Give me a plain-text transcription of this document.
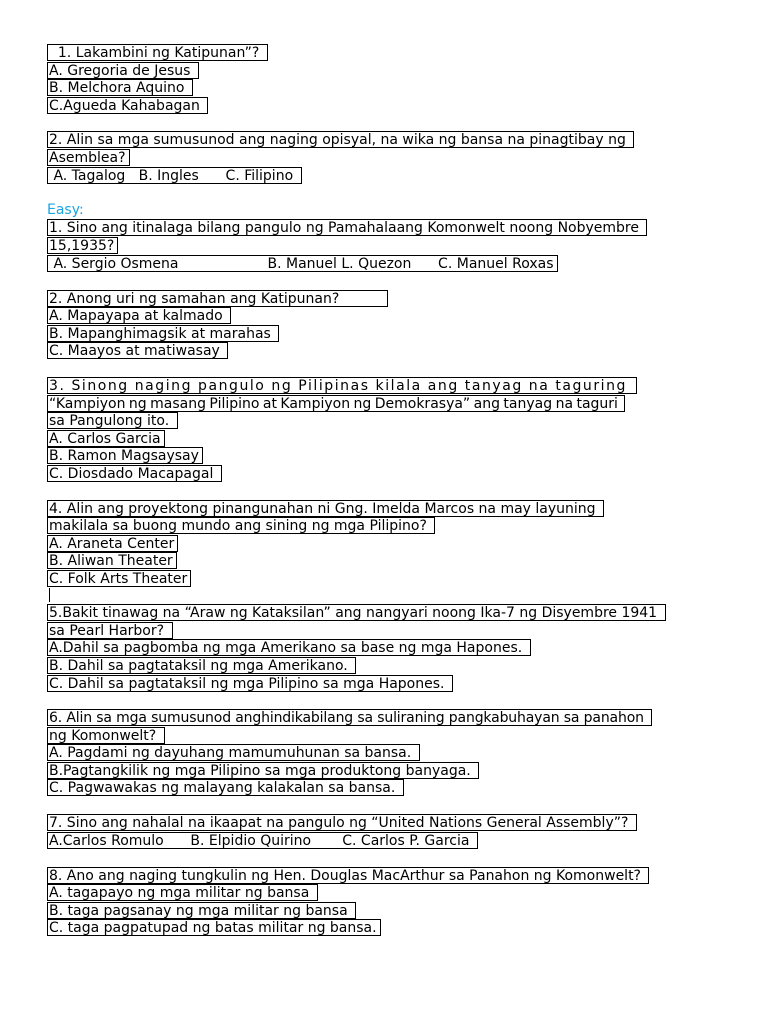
1. Lakambini ng Katipunan”?
A. Gregoria de Jesus
B. Melchora Aquino
C.Agueda Kahabagan
2. Alin sa mga sumusunod ang naging opisyal, na wika ng bansa na pinagtibay ng
Asemblea?
A. Tagalog   B. Ingles      C. Filipino
Easy:
1. Sino ang itinalaga bilang pangulo ng Pamahalaang Komonwelt noong Nobyembre
15,1935?
A. Sergio Osmena                    B. Manuel L. Quezon      C. Manuel Roxas
2. Anong uri ng samahan ang Katipunan?
A. Mapayapa at kalmado
B. Mapanghimagsik at marahas
C. Maayos at matiwasay
3. Sinong naging pangulo ng Pilipinas kilala ang tanyag na taguring
“Kampiyon ng masang Pilipino at Kampiyon ng Demokrasya” ang tanyag na taguri
sa Pangulong ito.
A. Carlos Garcia
B. Ramon Magsaysay
C. Diosdado Macapagal
4. Alin ang proyektong pinangunahan ni Gng. Imelda Marcos na may layuning
makilala sa buong mundo ang sining ng mga Pilipino?
A. Araneta Center
B. Aliwan Theater
C. Folk Arts Theater
5.Bakit tinawag na “Araw ng Kataksilan” ang nangyari noong Ika-7 ng Disyembre 1941
sa Pearl Harbor?
A.Dahil sa pagbomba ng mga Amerikano sa base ng mga Hapones.
B. Dahil sa pagtataksil ng mga Amerikano.
C. Dahil sa pagtataksil ng mga Pilipino sa mga Hapones.
6. Alin sa mga sumusunod anghindikabilang sa suliraning pangkabuhayan sa panahon
ng Komonwelt?
A. Pagdami ng dayuhang mamumuhunan sa bansa.
B.Pagtangkilik ng mga Pilipino sa mga produktong banyaga.
C. Pagwawakas ng malayang kalakalan sa bansa.
7. Sino ang nahalal na ikaapat na pangulo ng “United Nations General Assembly”?
A.Carlos Romulo      B. Elpidio Quirino       C. Carlos P. Garcia
8. Ano ang naging tungkulin ng Hen. Douglas MacArthur sa Panahon ng Komonwelt?
A. tagapayo ng mga militar ng bansa
B. taga pagsanay ng mga militar ng bansa
C. taga pagpatupad ng batas militar ng bansa.
